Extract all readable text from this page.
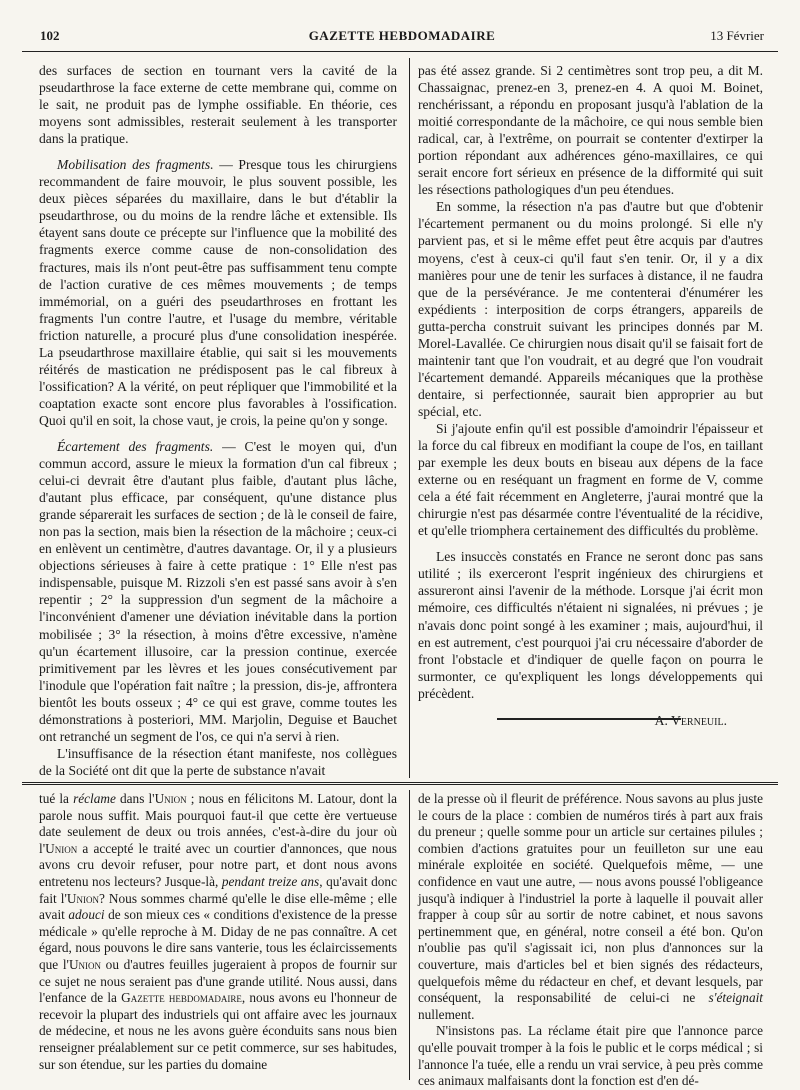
102	GAZETTE HEBDOMADAIRE	13 Février

des surfaces de section en tournant vers la cavité de la pseudarthrose la face externe de cette membrane qui, comme on le sait, ne produit pas de lymphe ossifiable. En théorie, ces moyens sont admissibles, resterait seulement à les transporter dans la pratique.

Mobilisation des fragments. — Presque tous les chirurgiens recommandent de faire mouvoir, le plus souvent possible, les deux pièces séparées du maxillaire, dans le but d'établir la pseudarthrose, ou du moins de la rendre lâche et extensible. Ils étayent sans doute ce précepte sur l'influence que la mobilité des fragments exerce comme cause de non-consolidation des fractures, mais ils n'ont peut-être pas suffisamment tenu compte de l'action curative de ces mêmes mouvements ; de temps immémorial, on a guéri des pseudarthroses en frottant les fragments l'un contre l'autre, et l'usage du membre, véritable friction naturelle, a procuré plus d'une consolidation inespérée. La pseudarthrose maxillaire établie, qui sait si les mouvements réitérés de mastication ne prédisposent pas le cal fibreux à l'ossification? A la vérité, on peut répliquer que l'immobilité et la coaptation exacte sont encore plus favorables à l'ossification. Quoi qu'il en soit, la chose vaut, je crois, la peine qu'on y songe.

Écartement des fragments. — C'est le moyen qui, d'un commun accord, assure le mieux la formation d'un cal fibreux ; celui-ci devrait être d'autant plus faible, d'autant plus lâche, d'autant plus efficace, par conséquent, qu'une distance plus grande séparerait les surfaces de section ; de là le conseil de faire, non pas la section, mais bien la résection de la mâchoire ; ceux-ci en enlèvent un centimètre, d'autres davantage. Or, il y a plusieurs objections sérieuses à faire à cette pratique : 1° Elle n'est pas indispensable, puisque M. Rizzoli s'en est passé sans avoir à s'en repentir ; 2° la suppression d'un segment de la mâchoire a l'inconvénient d'amener une déviation inévitable dans la portion mobilisée ; 3° la résection, à moins d'être excessive, n'amène qu'un écartement illusoire, car la pression continue, exercée primitivement par les lèvres et les joues consécutivement par l'inodule que l'opération fait naître ; la pression, dis-je, affrontera bientôt les bouts osseux ; 4° ce qui est grave, comme toutes les démonstrations à posteriori, MM. Marjolin, Deguise et Bauchet ont retranché un segment de l'os, ce qui n'a servi à rien.

L'insuffisance de la résection étant manifeste, nos collègues de la Société ont dit que la perte de substance n'avait

pas été assez grande. Si 2 centimètres sont trop peu, a dit M. Chassaignac, prenez-en 3, prenez-en 4. A quoi M. Boinet, renchérissant, a répondu en proposant jusqu'à l'ablation de la moitié correspondante de la mâchoire, ce qui nous semble bien radical, car, à l'extrême, on pourrait se contenter d'extirper la portion répondant aux adhérences géno-maxillaires, ce qui serait encore fort sérieux en présence de la difformité qui suit les résections pathologiques d'un peu étendues.

En somme, la résection n'a pas d'autre but que d'obtenir l'écartement permanent ou du moins prolongé. Si elle n'y parvient pas, et si le même effet peut être acquis par d'autres moyens, c'est à ceux-ci qu'il faut s'en tenir. Or, il y a dix manières pour une de tenir les surfaces à distance, il ne faudra que de la persévérance. Je me contenterai d'énumérer les expédients : interposition de corps étrangers, appareils de gutta-percha construit suivant les principes donnés par M. Morel-Lavallée. Ce chirurgien nous disait qu'il se faisait fort de maintenir tant que l'on voudrait, et au degré que l'on voudrait l'écartement demandé. Appareils mécaniques que la prothèse dentaire, si perfectionnée, saurait bien approprier au but spécial, etc.

Si j'ajoute enfin qu'il est possible d'amoindrir l'épaisseur et la force du cal fibreux en modifiant la coupe de l'os, en taillant par exemple les deux bouts en biseau aux dépens de la face externe ou en reséquant un fragment en forme de V, comme cela a été fait récemment en Angleterre, j'aurai montré que la chirurgie n'est pas désarmée contre l'éventualité de la récidive, et qu'elle triomphera certainement des difficultés du problème.

Les insuccès constatés en France ne seront donc pas sans utilité ; ils exerceront l'esprit ingénieux des chirurgiens et assureront ainsi l'avenir de la méthode. Lorsque j'ai écrit mon mémoire, ces difficultés n'étaient ni signalées, ni prévues ; je n'avais donc point songé à les examiner ; mais, aujourd'hui, il en est autrement, c'est pourquoi j'ai cru nécessaire d'aborder de front l'obstacle et d'indiquer de quelle façon on pourra le surmonter, ce qu'expliquent les longs développements qui précèdent.

A. Verneuil.

tué la réclame dans l'Union ; nous en félicitons M. Latour, dont la parole nous suffit. Mais pourquoi faut-il que cette ère vertueuse date seulement de deux ou trois années, c'est-à-dire du jour où l'Union a accepté le traité avec un courtier d'annonces, que nous avons cru devoir refuser, pour notre part, et dont nous avons entretenu nos lecteurs? Jusque-là, pendant treize ans, qu'avait donc fait l'Union? Nous sommes charmé qu'elle le dise elle-même ; elle avait adouci de son mieux ces « conditions d'existence de la presse médicale » qu'elle reproche à M. Diday de ne pas connaître. A cet égard, nous pouvons le dire sans vanterie, tous les éclaircissements que l'Union ou d'autres feuilles jugeraient à propos de fournir sur ce sujet ne nous seraient pas d'une grande utilité. Nous aussi, dans l'enfance de la Gazette hebdomadaire, nous avons eu l'honneur de recevoir la plupart des industriels qui ont affaire avec les journaux de médecine, et nous ne les avons guère éconduits sans nous bien renseigner préalablement sur ce petit commerce, sur ses habitudes, sur son étendue, sur les parties du domaine

de la presse où il fleurit de préférence. Nous savons au plus juste le cours de la place : combien de numéros tirés à part aux frais du preneur ; quelle somme pour un article sur certaines pilules ; combien d'actions gratuites pour un feuilleton sur une eau minérale exploitée en société. Quelquefois même, — une confidence en vaut une autre, — nous avons poussé l'obligeance jusqu'à indiquer à l'industriel la porte à laquelle il pouvait aller frapper à coup sûr au sortir de notre cabinet, et nous savons pertinemment que, en général, notre conseil a été bon. Qu'on n'oublie pas qu'il s'agissait ici, non plus d'annonces sur la couverture, mais d'articles bel et bien signés des rédacteurs, quelquefois même du rédacteur en chef, et devant lesquels, par conséquent, la responsabilité de celui-ci ne s'éteignait nullement.

N'insistons pas. La réclame était pire que l'annonce parce qu'elle pouvait tromper à la fois le public et le corps médical ; si l'annonce l'a tuée, elle a rendu un vrai service, à peu près comme ces animaux malfaisants dont la fonction est d'en dé-
